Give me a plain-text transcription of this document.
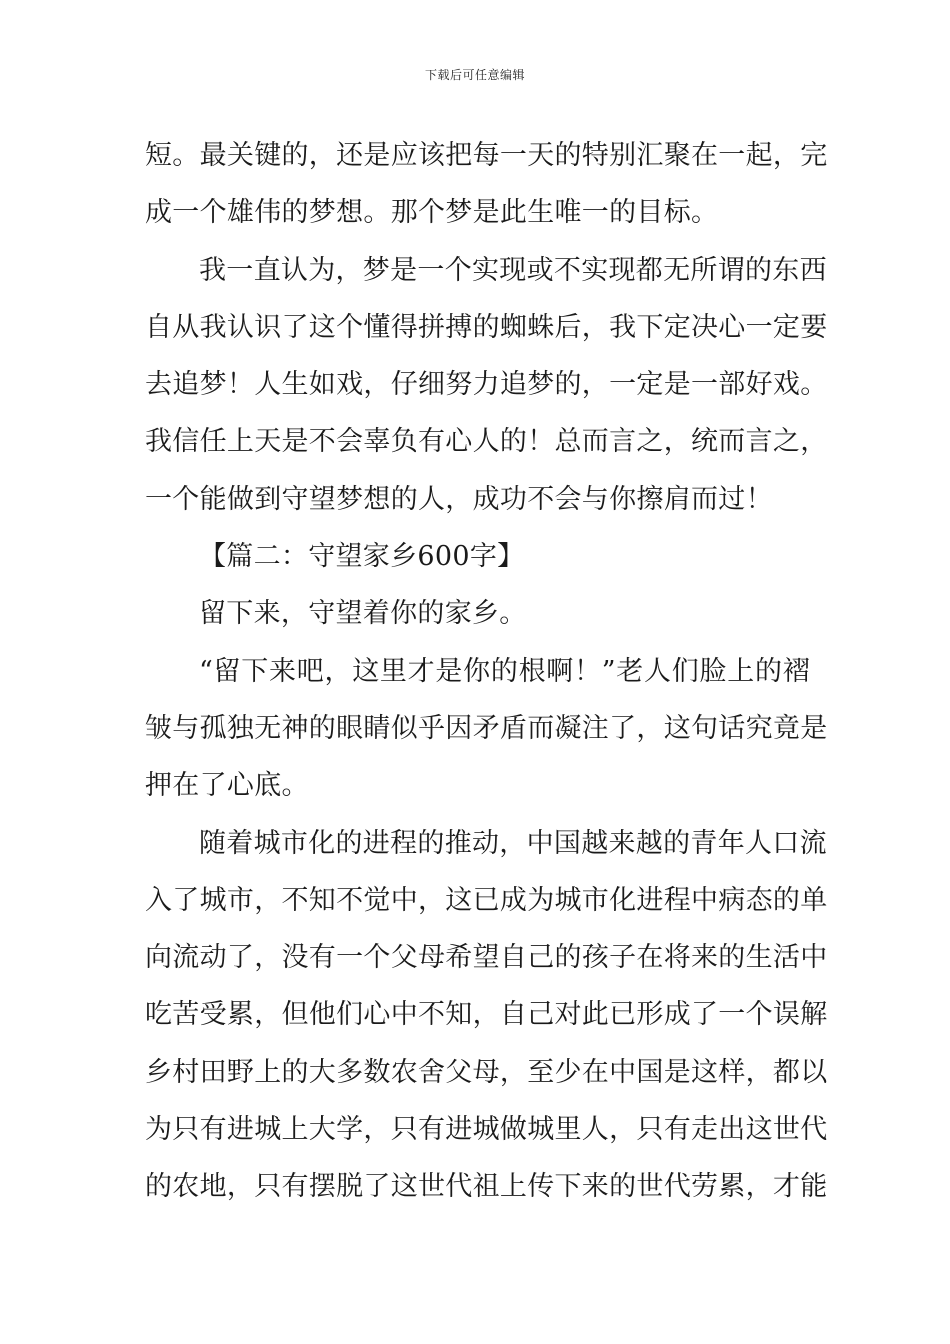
下载后可任意编辑
短。最关键的，还是应该把每一天的特别汇聚在一起，完
成一个雄伟的梦想。那个梦是此生唯一的目标。
我一直认为，梦是一个实现或不实现都无所谓的东西
自从我认识了这个懂得拼搏的蜘蛛后，我下定决心一定要
去追梦！人生如戏，仔细努力追梦的，一定是一部好戏。
我信任上天是不会辜负有心人的！总而言之，统而言之，
一个能做到守望梦想的人，成功不会与你擦肩而过！
【篇二：守望家乡600字】
留下来，守望着你的家乡。
“留下来吧，这里才是你的根啊！”老人们脸上的褶
皱与孤独无神的眼睛似乎因矛盾而凝注了，这句话究竟是
押在了心底。
随着城市化的进程的推动，中国越来越的青年人口流
入了城市，不知不觉中，这已成为城市化进程中病态的单
向流动了，没有一个父母希望自己的孩子在将来的生活中
吃苦受累，但他们心中不知，自己对此已形成了一个误解
乡村田野上的大多数农舍父母，至少在中国是这样，都以
为只有进城上大学，只有进城做城里人，只有走出这世代
的农地，只有摆脱了这世代祖上传下来的世代劳累，才能
